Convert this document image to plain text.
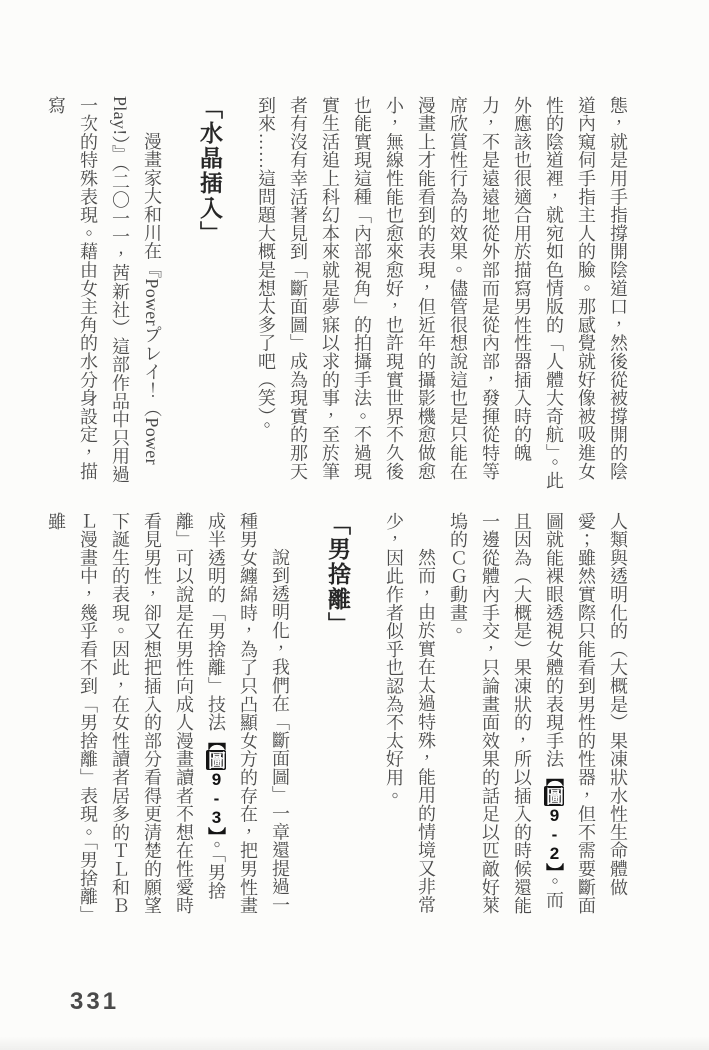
態，就是用手指撐開陰道口，然後從被撐開的陰道內窺伺手指主人的臉。那感覺就好像被吸進女性的陰道裡，就宛如色情版的「人體大奇航」。此外應該也很適合用於描寫男性性器插入時的魄力，不是遠遠地從外部而是從內部，發揮從特等席欣賞性行為的效果。儘管很想說這也是只能在漫畫上才能看到的表現，但近年的攝影機愈做愈小，無線性能也愈來愈好，也許現實世界不久後也能實現這種「內部視角」的拍攝手法。不過現實生活追上科幻本來就是夢寐以求的事，至於筆者有沒有幸活著見到「斷面圖」成為現實的那天到來……這問題大概是想太多了吧（笑）。

「水晶插入」

漫畫家大和川在『Powerプレイ！（Power Play!）』（二〇一一，茜新社）這部作品中只用過一次的特殊表現。藉由女主角的水分身設定，描寫

人類與透明化的（大概是）果凍狀水性生命體做愛；雖然實際只能看到男性的性器，但不需要斷面圖就能裸眼透視女體的表現手法【圖9-2】。而且因為（大概是）果凍狀的，所以插入的時候還能一邊從體內手交，只論畫面效果的話足以匹敵好萊塢的ＣＧ動畫。

然而，由於實在太過特殊，能用的情境又非常少，因此作者似乎也認為不太好用。

「男捨離」

說到透明化，我們在「斷面圖」一章還提過一種男女纏綿時，為了只凸顯女方的存在，把男性畫成半透明的「男捨離」技法【圖9-3】。「男捨離」可以說是在男性向成人漫畫讀者不想在性愛時看見男性，卻又想把插入的部分看得更清楚的願望下誕生的表現。因此，在女性讀者居多的ＴＬ和ＢＬ漫畫中，幾乎看不到「男捨離」表現。「男捨離」雖

331
